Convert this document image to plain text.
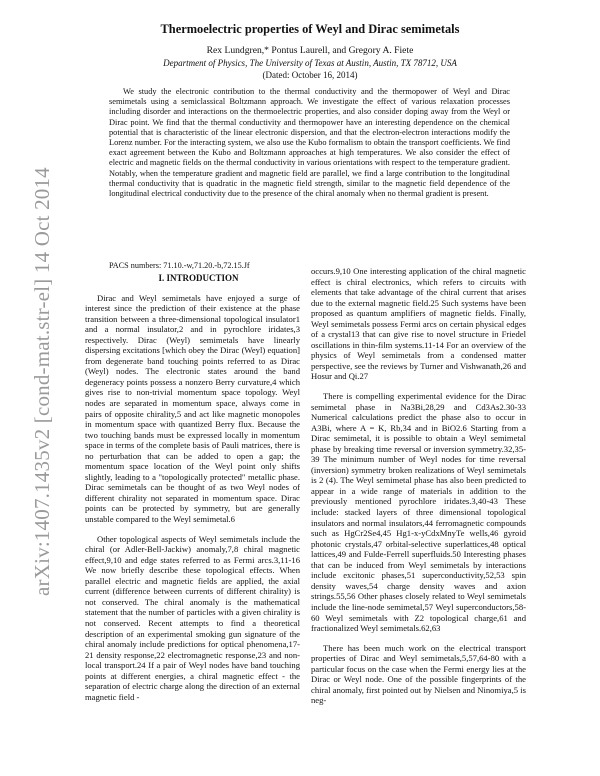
arXiv:1407.1435v2 [cond-mat.str-el] 14 Oct 2014
Thermoelectric properties of Weyl and Dirac semimetals
Rex Lundgren,* Pontus Laurell, and Gregory A. Fiete
Department of Physics, The University of Texas at Austin, Austin, TX 78712, USA
(Dated: October 16, 2014)

We study the electronic contribution to the thermal conductivity and the thermopower of Weyl and Dirac semimetals using a semiclassical Boltzmann approach. We investigate the effect of various relaxation processes including disorder and interactions on the thermoelectric properties, and also consider doping away from the Weyl or Dirac point. We find that the thermal conductivity and thermopower have an interesting dependence on the chemical potential that is characteristic of the linear electronic dispersion, and that the electron-electron interactions modify the Lorenz number. For the interacting system, we also use the Kubo formalism to obtain the transport coefficients. We find exact agreement between the Kubo and Boltzmann approaches at high temperatures. We also consider the effect of electric and magnetic fields on the thermal conductivity in various orientations with respect to the temperature gradient. Notably, when the temperature gradient and magnetic field are parallel, we find a large contribution to the longitudinal thermal conductivity that is quadratic in the magnetic field strength, similar to the magnetic field dependence of the longitudinal electrical conductivity due to the presence of the chiral anomaly when no thermal gradient is present.

PACS numbers: 71.10.-w,71.20.-b,72.15.Jf

I. INTRODUCTION

Dirac and Weyl semimetals have enjoyed a surge of interest since the prediction of their existence at the phase transition between a three-dimensional topological insulator1 and a normal insulator,2 and in pyrochlore iridates,3 respectively. Dirac (Weyl) semimetals have linearly dispersing excitations [which obey the Dirac (Weyl) equation] from degenerate band touching points referred to as Dirac (Weyl) nodes. The electronic states around the band degeneracy points possess a nonzero Berry curvature,4 which gives rise to non-trivial momentum space topology. Weyl nodes are separated in momentum space, always come in pairs of opposite chirality,5 and act like magnetic monopoles in momentum space with quantized Berry flux. Because the two touching bands must be expressed locally in momentum space in terms of the complete basis of Pauli matrices, there is no perturbation that can be added to open a gap; the momentum space location of the Weyl point only shifts slightly, leading to a "topologically protected" metallic phase. Dirac semimetals can be thought of as two Weyl nodes of different chirality not separated in momentum space. Dirac points can be protected by symmetry, but are generally unstable compared to the Weyl semimetal.6

Other topological aspects of Weyl semimetals include the chiral (or Adler-Bell-Jackiw) anomaly,7,8 chiral magnetic effect,9,10 and edge states referred to as Fermi arcs.3,11-16 We now briefly describe these topological effects. When parallel electric and magnetic fields are applied, the axial current (difference between currents of different chirality) is not conserved. The chiral anomaly is the mathematical statement that the number of particles with a given chirality is not conserved. Recent attempts to find a theoretical description of an experimental smoking gun signature of the chiral anomaly include predictions for optical phenomena,17-21 density response,22 electromagnetic response,23 and non-local transport.24 If a pair of Weyl nodes have band touching points at different energies, a chiral magnetic effect - the separation of electric charge along the direction of an external magnetic field -

occurs.9,10 One interesting application of the chiral magnetic effect is chiral electronics, which refers to circuits with elements that take advantage of the chiral current that arises due to the external magnetic field.25 Such systems have been proposed as quantum amplifiers of magnetic fields. Finally, Weyl semimetals possess Fermi arcs on certain physical edges of a crystal13 that can give rise to novel structure in Friedel oscillations in thin-film systems.11-14 For an overview of the physics of Weyl semimetals from a condensed matter perspective, see the reviews by Turner and Vishwanath,26 and Hosur and Qi.27

There is compelling experimental evidence for the Dirac semimetal phase in Na3Bi,28,29 and Cd3As2.30-33 Numerical calculations predict the phase also to occur in A3Bi, where A = K, Rb,34 and in BiO2.6 Starting from a Dirac semimetal, it is possible to obtain a Weyl semimetal phase by breaking time reversal or inversion symmetry.32,35-39 The minimum number of Weyl nodes for time reversal (inversion) symmetry broken realizations of Weyl semimetals is 2 (4). The Weyl semimetal phase has also been predicted to appear in a wide range of materials in addition to the previously mentioned pyrochlore iridates.3,40-43 These include: stacked layers of three dimensional topological insulators and normal insulators,44 ferromagnetic compounds such as HgCr2Se4,45 Hg1-x-yCdxMnyTe wells,46 gyroid photonic crystals,47 orbital-selective superlattices,48 optical lattices,49 and Fulde-Ferrell superfluids.50 Interesting phases that can be induced from Weyl semimetals by interactions include excitonic phases,51 superconductivity,52,53 spin density waves,54 charge density waves and axion strings.55,56 Other phases closely related to Weyl semimetals include the line-node semimetal,57 Weyl superconductors,58-60 Weyl semimetals with Z2 topological charge,61 and fractionalized Weyl semimetals.62,63

There has been much work on the electrical transport properties of Dirac and Weyl semimetals,5,57,64-80 with a particular focus on the case when the Fermi energy lies at the Dirac or Weyl node. One of the possible fingerprints of the chiral anomaly, first pointed out by Nielsen and Ninomiya,5 is neg-
